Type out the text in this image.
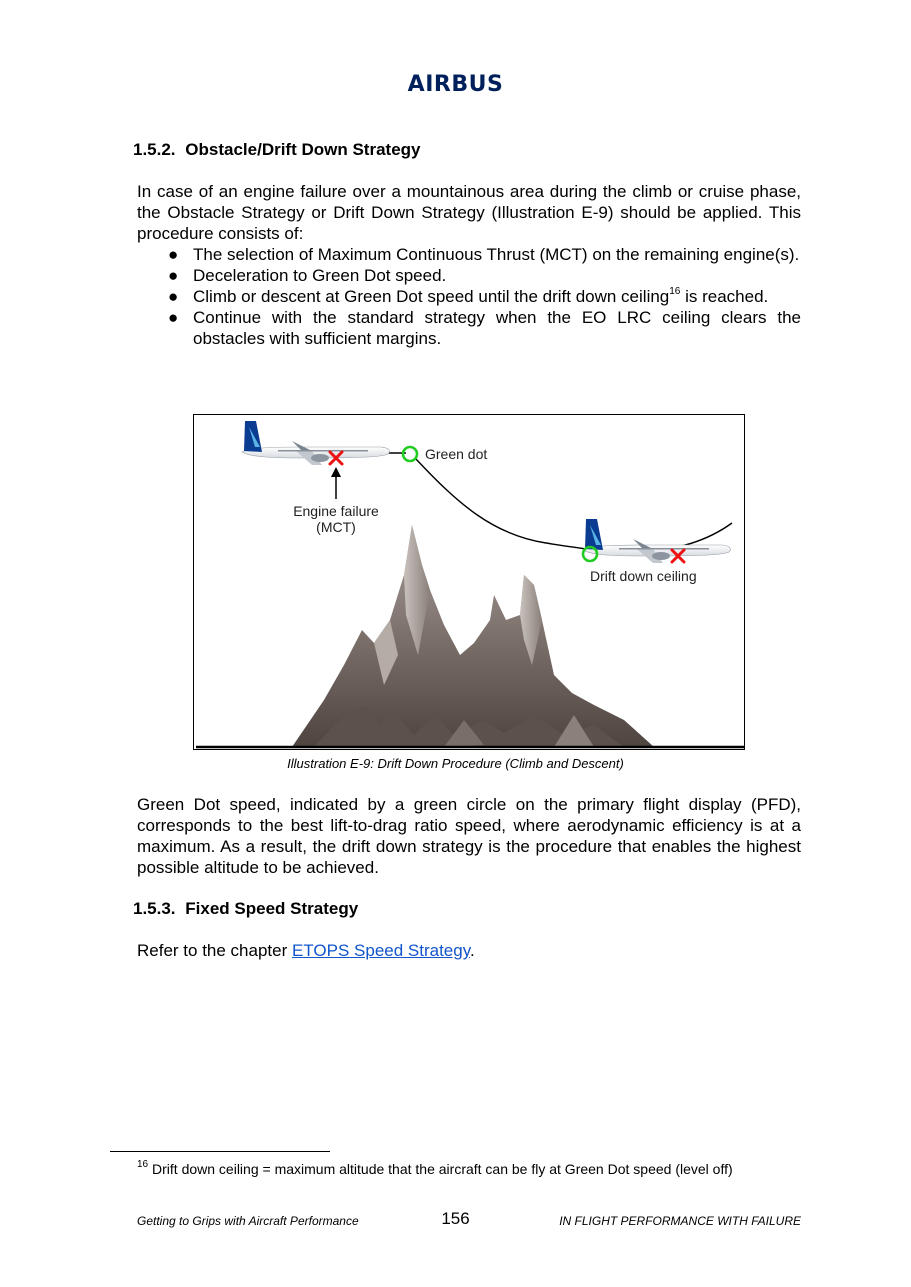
AIRBUS
1.5.2. Obstacle/Drift Down Strategy

In case of an engine failure over a mountainous area during the climb or cruise phase, the Obstacle Strategy or Drift Down Strategy (Illustration E-9) should be applied. This procedure consists of:

● The selection of Maximum Continuous Thrust (MCT) on the remaining engine(s).
● Deceleration to Green Dot speed.
● Climb or descent at Green Dot speed until the drift down ceiling$^{16}$ is reached.
● Continue with the standard strategy when the EO LRC ceiling clears the obstacles with sufficient margins.
Green dot
Engine failure
(MCT)
Drift down ceiling
Illustration E-9: Drift Down Procedure (Climb and Descent)

Green Dot speed, indicated by a green circle on the primary flight display (PFD), corresponds to the best lift-to-drag ratio speed, where aerodynamic efficiency is at a maximum. As a result, the drift down strategy is the procedure that enables the highest possible altitude to be achieved.

1.5.3. Fixed Speed Strategy

Refer to the chapter ETOPS Speed Strategy.

$^{16}$ Drift down ceiling = maximum altitude that the aircraft can be fly at Green Dot speed (level off)
Getting to Grips with Aircraft Performance	156	IN FLIGHT PERFORMANCE WITH FAILURE
